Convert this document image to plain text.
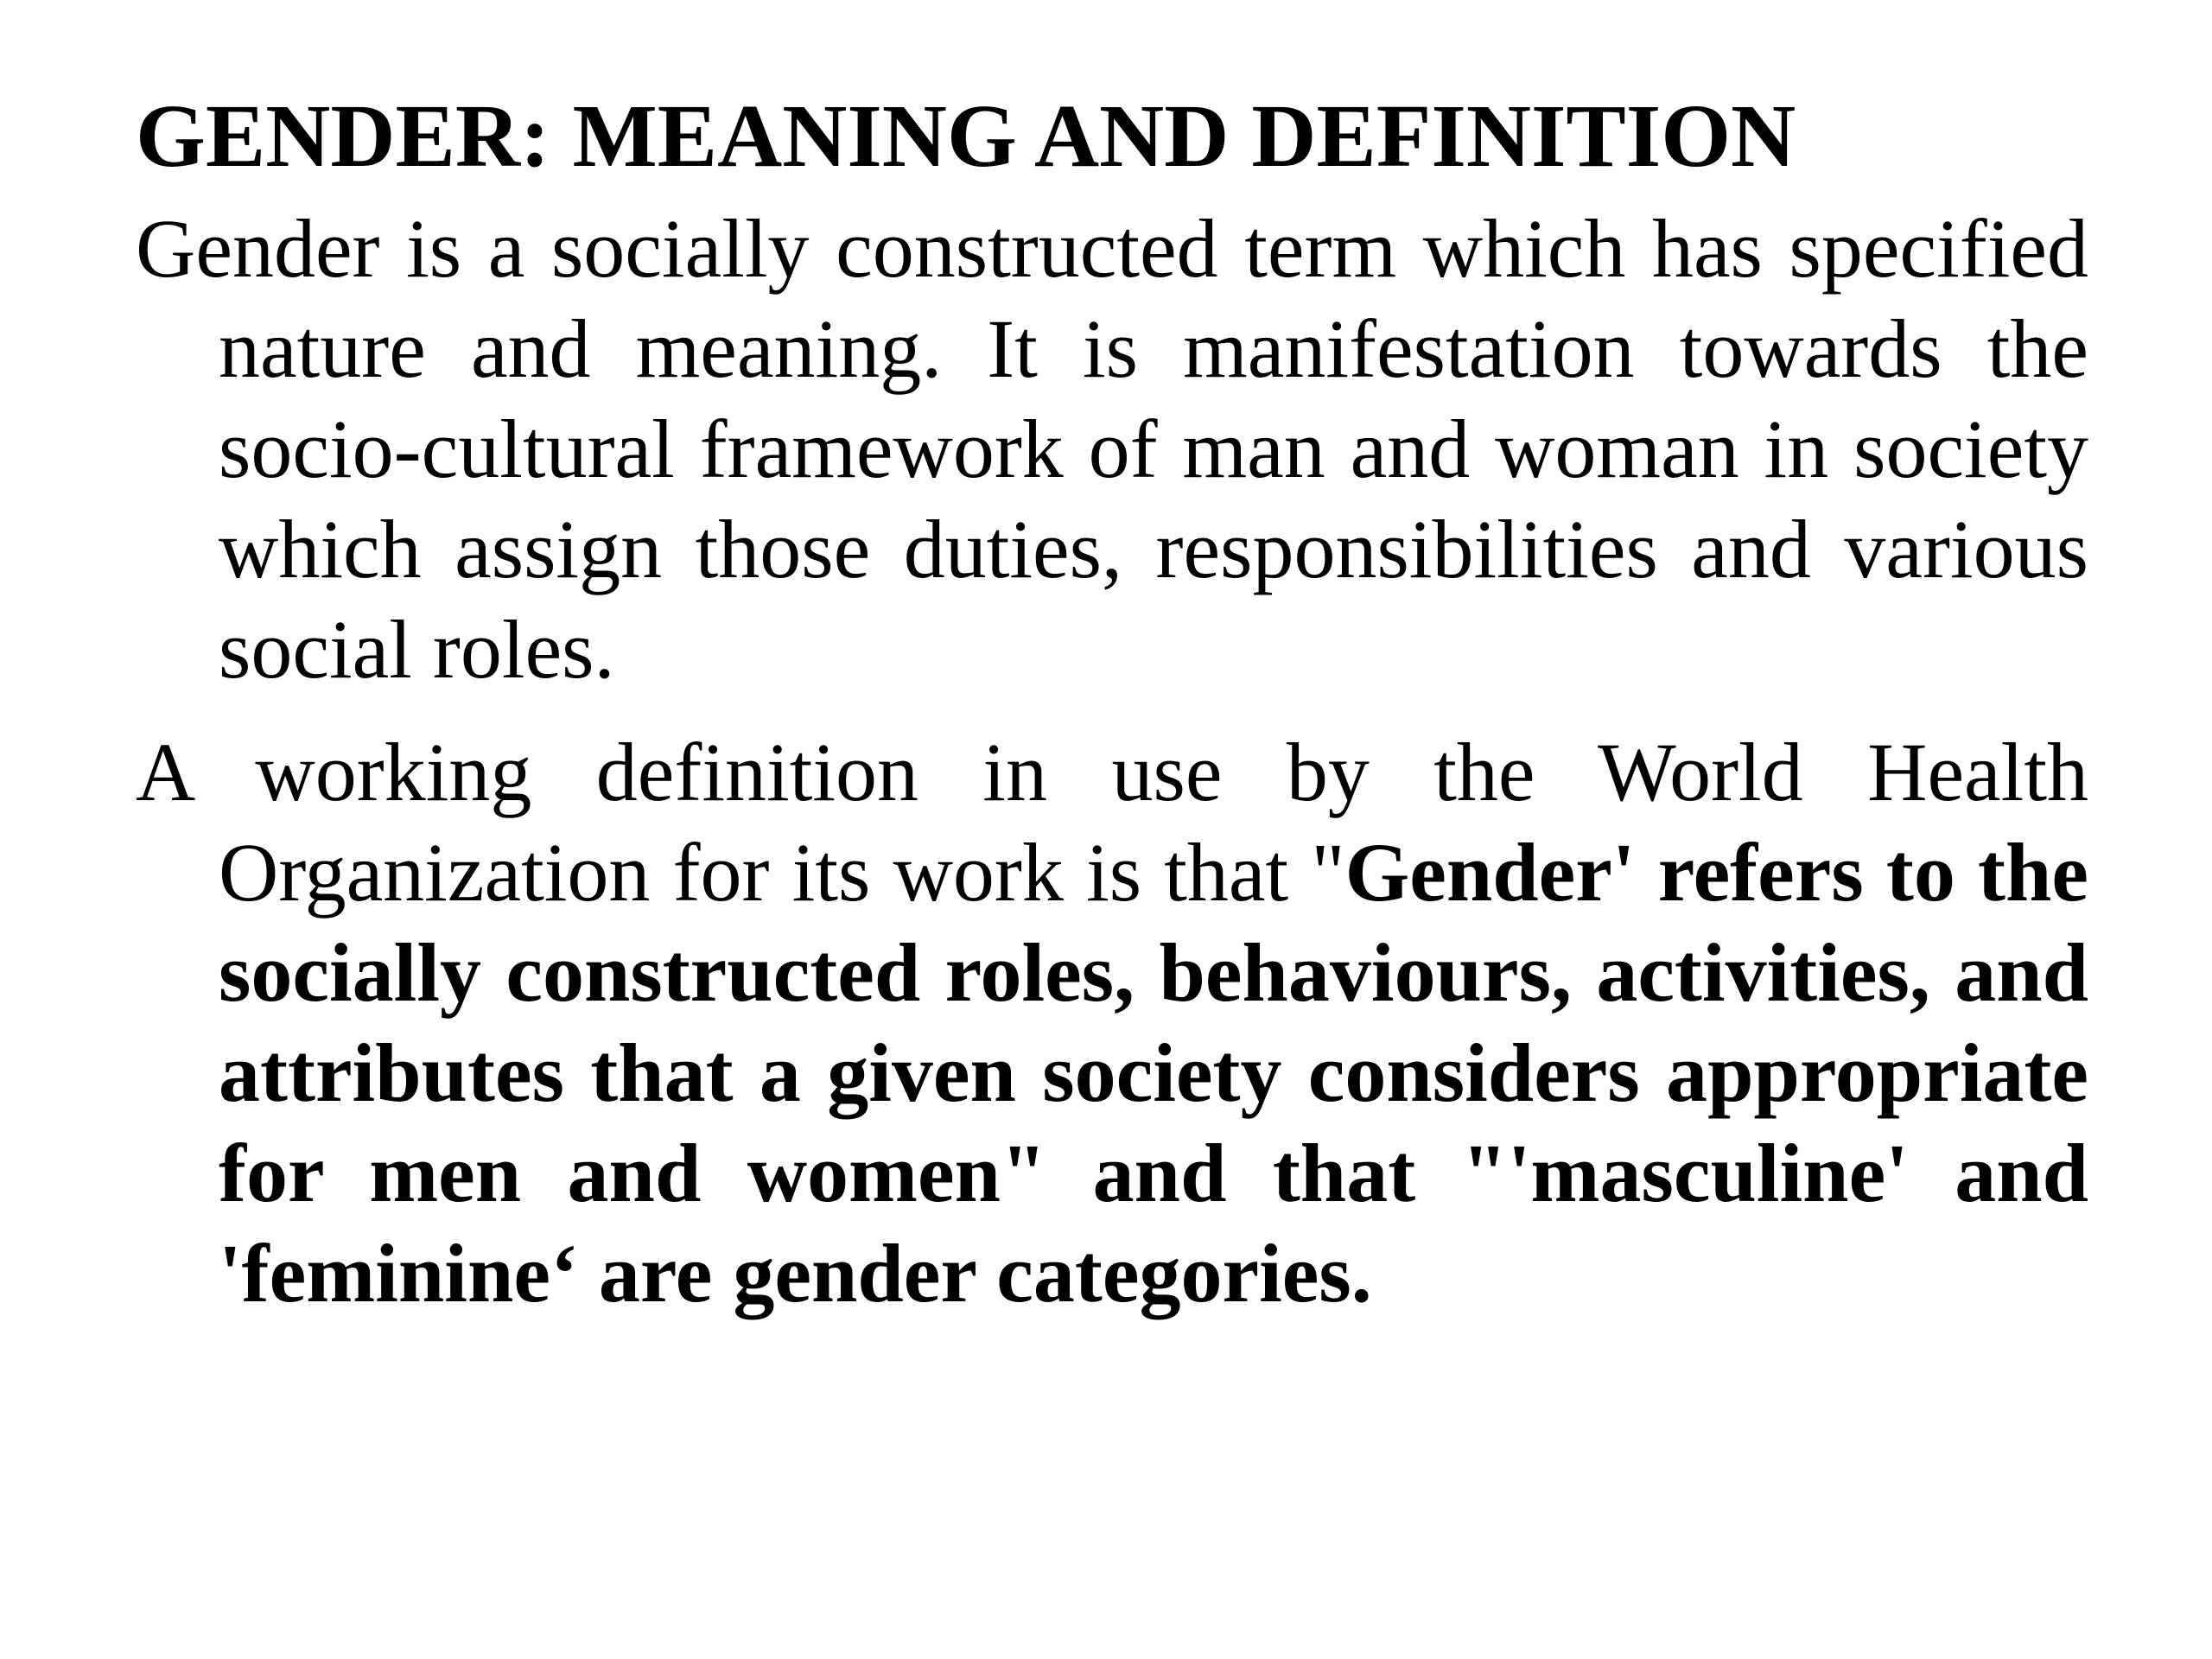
GENDER: MEANING AND DEFINITION

Gender is a socially constructed term which has specified nature and meaning. It is manifestation towards the socio-cultural framework of man and woman in society which assign those duties, responsibilities and various social roles.

A working definition in use by the World Health Organization for its work is that "Gender' refers to the socially constructed roles, behaviours, activities, and attributes that a given society considers appropriate for men and women" and that "'masculine' and 'feminine‘ are gender categories.
